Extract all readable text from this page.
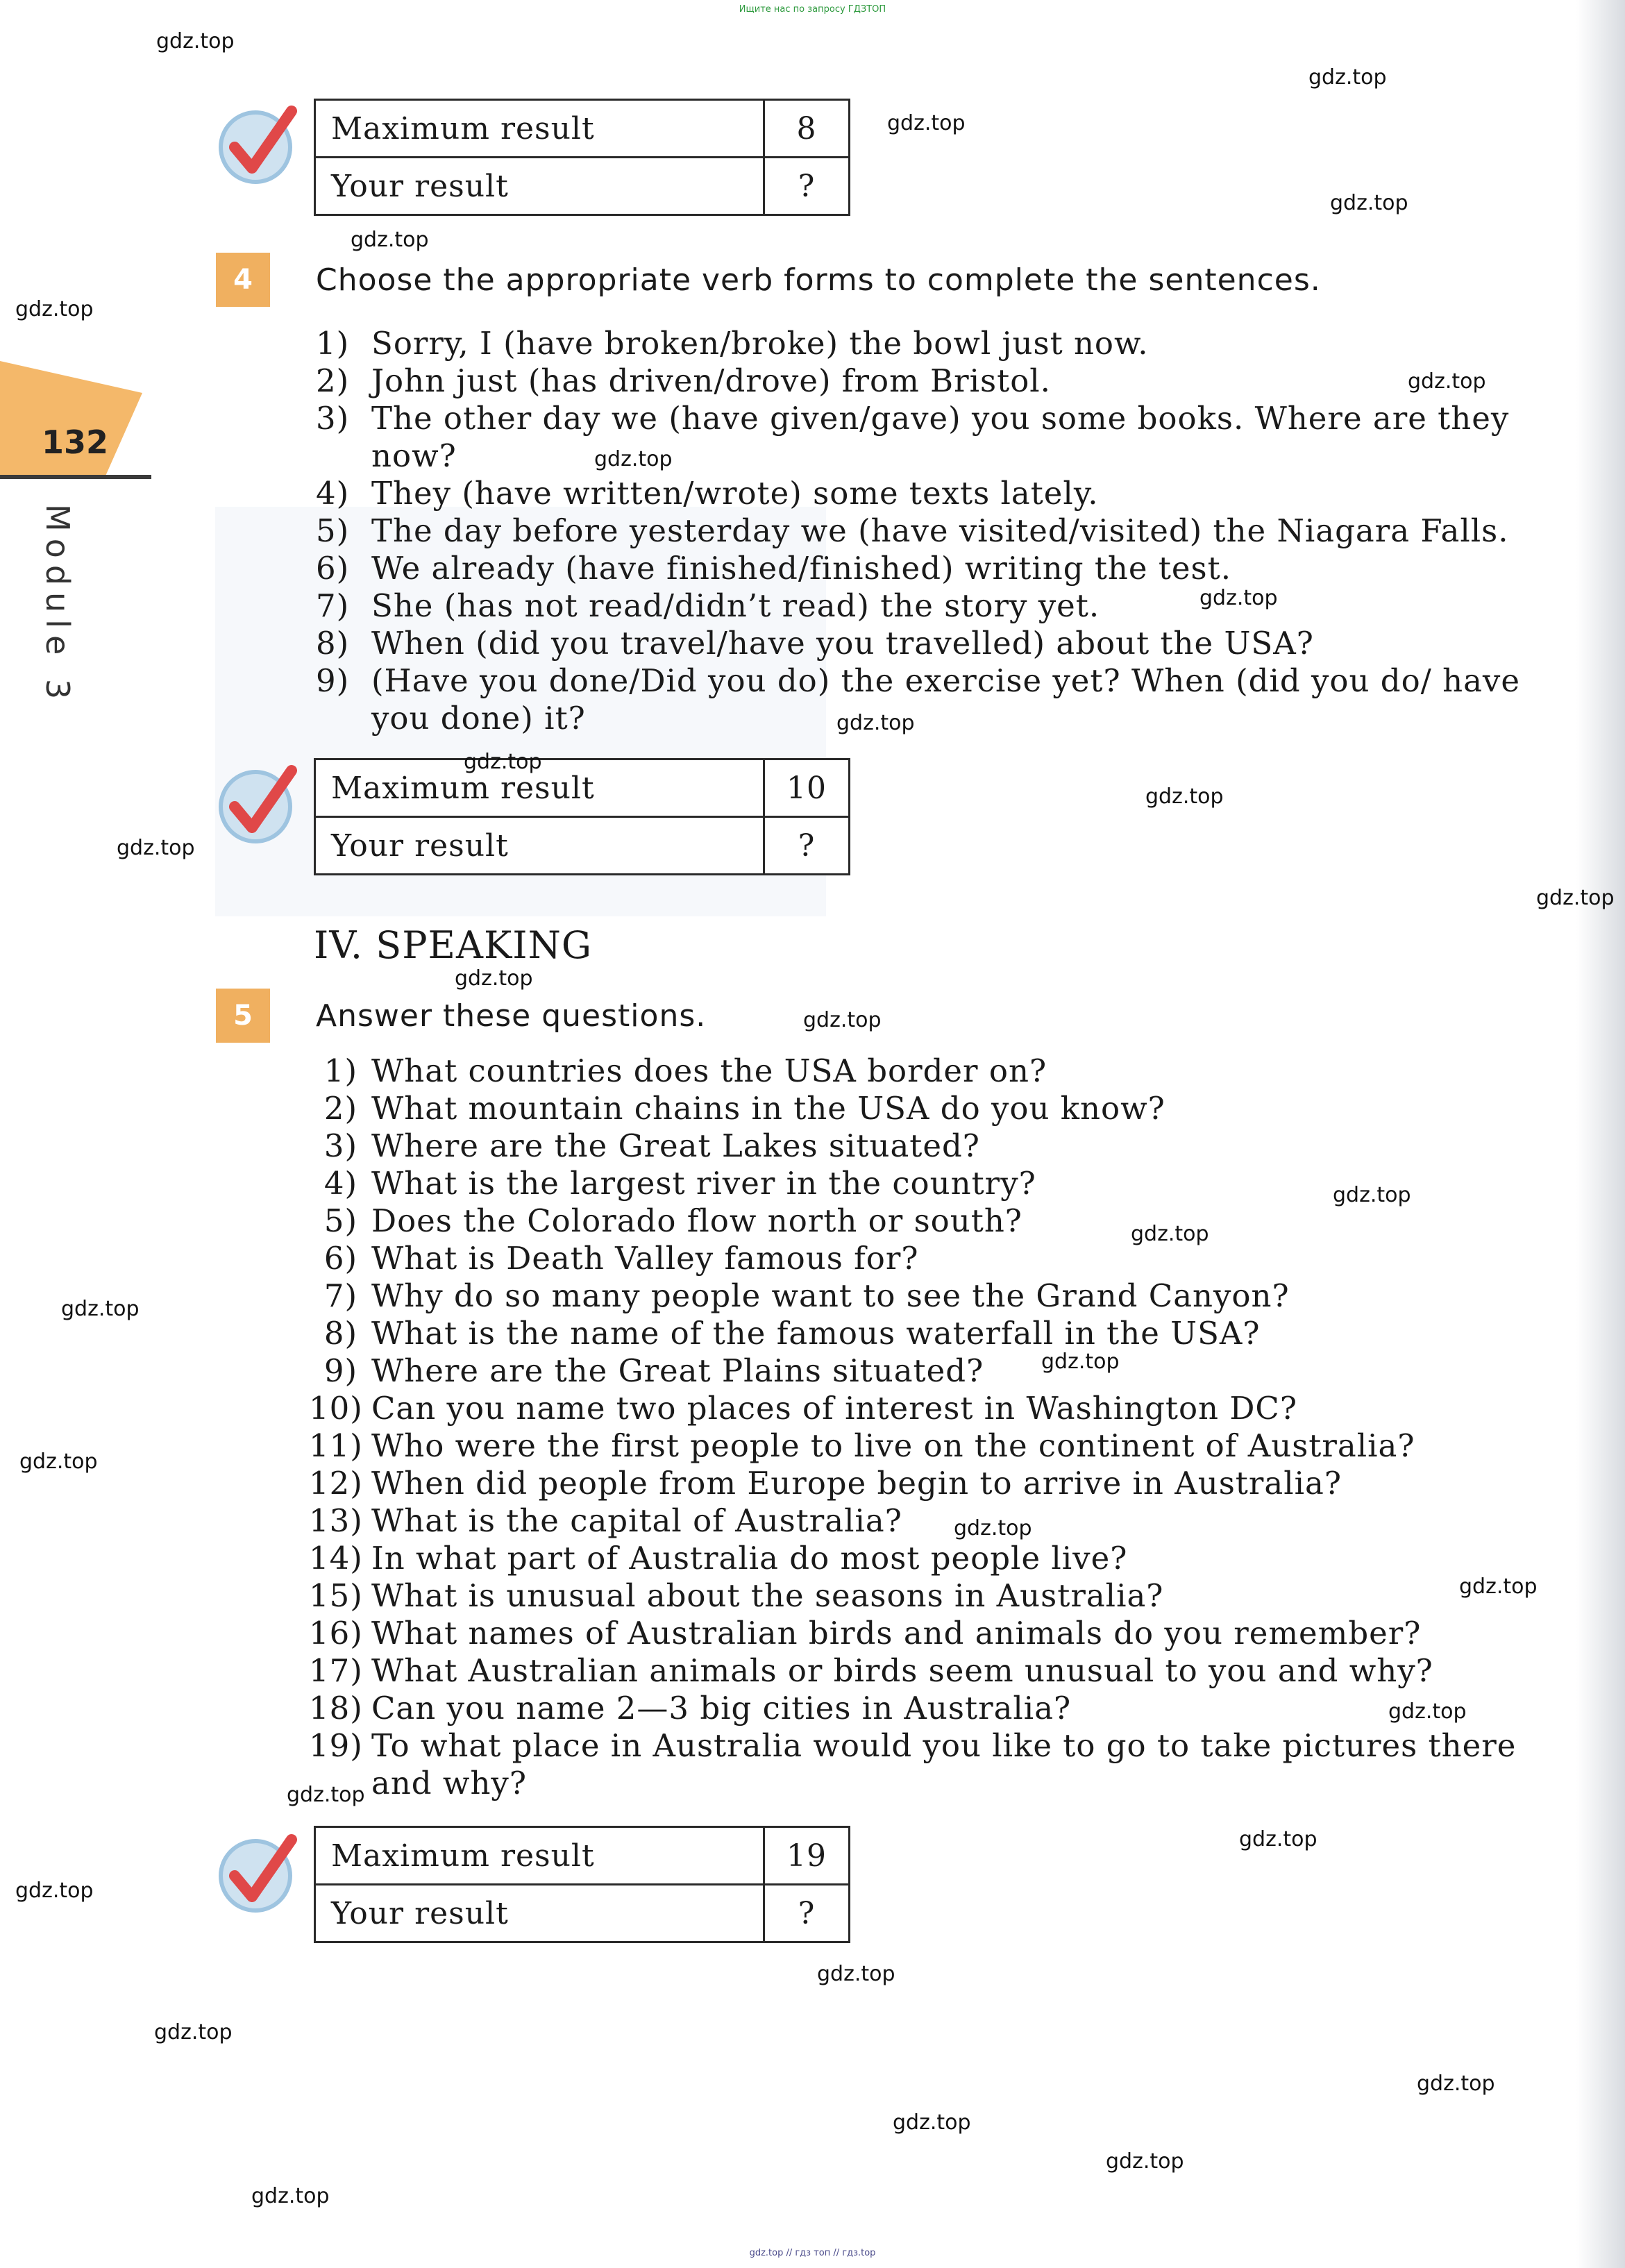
Ищите нас по запросу ГДЗТОП
132
Module 3
Maximum result	8
Your result	?
4	Choose the appropriate verb forms to complete the sentences.
1) Sorry, I (have broken/broke) the bowl just now.
2) John just (has driven/drove) from Bristol.
3) The other day we (have given/gave) you some books. Where are they now?
4) They (have written/wrote) some texts lately.
5) The day before yesterday we (have visited/visited) the Niagara Falls.
6) We already (have finished/finished) writing the test.
7) She (has not read/didn’t read) the story yet.
8) When (did you travel/have you travelled) about the USA?
9) (Have you done/Did you do) the exercise yet? When (did you do/ have you done) it?
Maximum result	10
Your result	?
IV. SPEAKING
5	Answer these questions.
1) What countries does the USA border on?
2) What mountain chains in the USA do you know?
3) Where are the Great Lakes situated?
4) What is the largest river in the country?
5) Does the Colorado flow north or south?
6) What is Death Valley famous for?
7) Why do so many people want to see the Grand Canyon?
8) What is the name of the famous waterfall in the USA?
9) Where are the Great Plains situated?
10) Can you name two places of interest in Washington DC?
11) Who were the first people to live on the continent of Australia?
12) When did people from Europe begin to arrive in Australia?
13) What is the capital of Australia?
14) In what part of Australia do most people live?
15) What is unusual about the seasons in Australia?
16) What names of Australian birds and animals do you remember?
17) What Australian animals or birds seem unusual to you and why?
18) Can you name 2—3 big cities in Australia?
19) To what place in Australia would you like to go to take pictures there and why?
Maximum result	19
Your result	?
gdz.top
gdz.top
gdz.top
gdz.top
gdz.top
gdz.top
gdz.top
gdz.top
gdz.top
gdz.top
gdz.top
gdz.top
gdz.top
gdz.top
gdz.top
gdz.top
gdz.top
gdz.top
gdz.top
gdz.top
gdz.top
gdz.top
gdz.top
gdz.top
gdz.top
gdz.top
gdz.top
gdz.top
gdz.top
gdz.top
gdz.top
gdz.top
gdz.top
gdz.top // гдз топ // гдз.top
